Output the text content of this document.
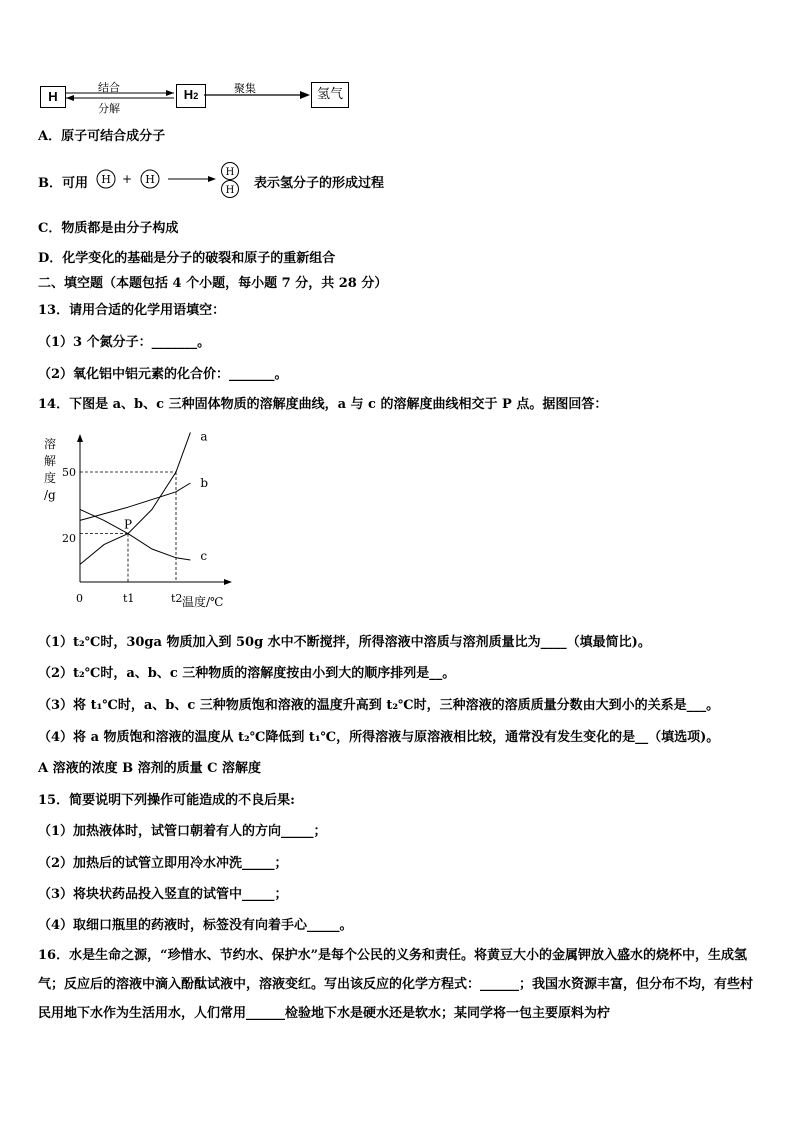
H
结合
分解
H2
聚集	氢气
A．原子可结合成分子
B．可用 H + H
H
H 表示氢分子的形成过程
C．物质都是由分子构成
D．化学变化的基础是分子的破裂和原子的重新组合
二、填空题（本题包括 4 个小题，每小题 7 分，共 28 分）
13．请用合适的化学用语填空：
（1）3 个氮分子：_______。
（2）氧化铝中铝元素的化合价：_______。
14．下图是 a、b、c 三种固体物质的溶解度曲线，a 与 c 的溶解度曲线相交于 P 点。据图回答：
溶
解
度
/g
50
20
0	t1	t2 温度/℃
a
b
c
P
（1）t₂℃时，30ga 物质加入到 50g 水中不断搅拌，所得溶液中溶质与溶剂质量比为____（填最简比)。
（2）t₂℃时，a、b、c 三种物质的溶解度按由小到大的顺序排列是__。
（3）将 t₁℃时，a、b、c 三种物质饱和溶液的温度升高到 t₂℃时，三种溶液的溶质质量分数由大到小的关系是___。
（4）将 a 物质饱和溶液的温度从 t₂℃降低到 t₁℃，所得溶液与原溶液相比较，通常没有发生变化的是__（填选项)。
A 溶液的浓度 B 溶剂的质量 C 溶解度
15．简要说明下列操作可能造成的不良后果:
（1）加热液体时，试管口朝着有人的方向_____；
（2）加热后的试管立即用冷水冲洗_____；
（3）将块状药品投入竖直的试管中_____；
（4）取细口瓶里的药液时，标签没有向着手心_____。
16．水是生命之源，“珍惜水、节约水、保护水”是每个公民的义务和责任。将黄豆大小的金属钾放入盛水的烧杯中，生成氢气；反应后的溶液中滴入酚酞试液中，溶液变红。写出该反应的化学方程式：______；我国水资源丰富，但分布不均，有些村民用地下水作为生活用水，人们常用______检验地下水是硬水还是软水；某同学将一包主要原料为柠
